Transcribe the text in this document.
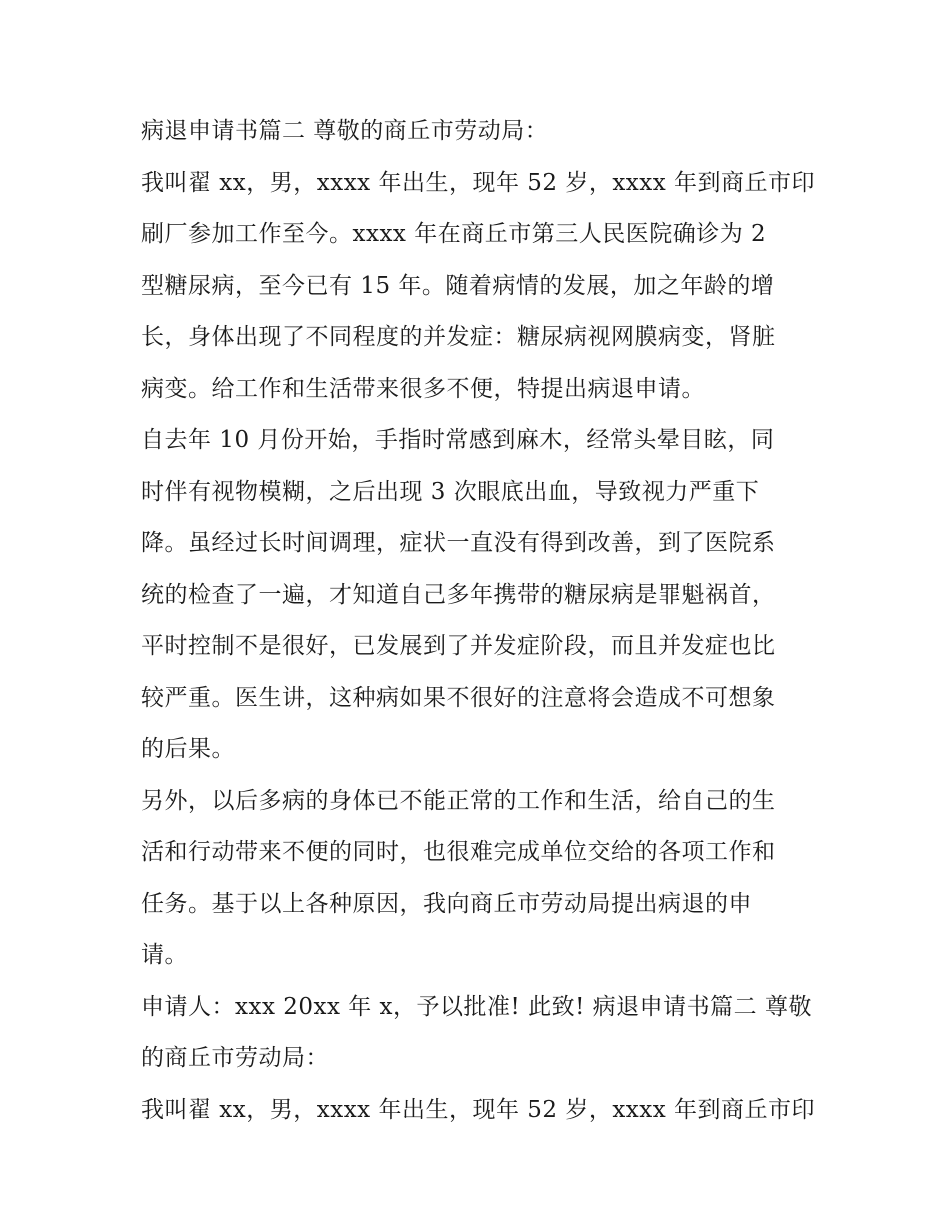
病退申请书篇二 尊敬的商丘市劳动局：
我叫翟 xx，男，xxxx 年出生，现年 52 岁，xxxx 年到商丘市印
刷厂参加工作至今。xxxx 年在商丘市第三人民医院确诊为 2
型糖尿病，至今已有 15 年。随着病情的发展，加之年龄的增
长，身体出现了不同程度的并发症：糖尿病视网膜病变，肾脏
病变。给工作和生活带来很多不便，特提出病退申请。
自去年 10 月份开始，手指时常感到麻木，经常头晕目眩，同
时伴有视物模糊，之后出现 3 次眼底出血，导致视力严重下
降。虽经过长时间调理，症状一直没有得到改善，到了医院系
统的检查了一遍，才知道自己多年携带的糖尿病是罪魁祸首，
平时控制不是很好，已发展到了并发症阶段，而且并发症也比
较严重。医生讲，这种病如果不很好的注意将会造成不可想象
的后果。
另外，以后多病的身体已不能正常的工作和生活，给自己的生
活和行动带来不便的同时，也很难完成单位交给的各项工作和
任务。基于以上各种原因，我向商丘市劳动局提出病退的申
请。
申请人：xxx 20xx 年 x，予以批准! 此致! 病退申请书篇二 尊敬
的商丘市劳动局：
我叫翟 xx，男，xxxx 年出生，现年 52 岁，xxxx 年到商丘市印
